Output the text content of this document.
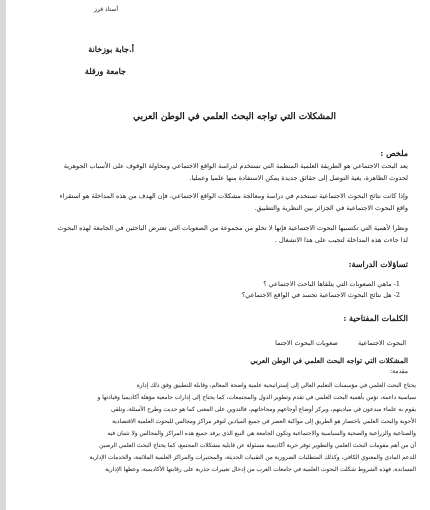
أستاذ قرز
أ.جابة بوزخانة
جامعة ورقلة
المشكلات التي تواجه البحث العلمي في الوطن العربي
ملخص :
يعد البحث الاجتماعي هو الطريقة العلمية المنظمة التي تستخدم لدراسة الواقع الاجتماعي ومحاولة الوقوف على الأسباب الجوهرية
لحدوث الظاهرة، بغية التوصل إلى حقائق جديدة يمكن الاستفادة منها علميا وعمليا.
وإذا كانت نتائج البحوث الاجتماعية تستخدم في دراسة ومعالجة مشكلات الواقع الاجتماعي، فإن الهدف من هذه المداخلة هو استقراء
واقع البحوث الاجتماعية في الجزائر بين النظرية والتطبيق.
ونظرا لأهمية التي تكتسيها البحوث الاجتماعية فإنها لا تخلو من مجموعة من الصعوبات التي تعترض الباحثين في الجامعة لهذه البحوث
لذا جاءت هذه المداخلة لتجيب على هذا الانشغال .
تساؤلات الدراسة:
1- ماهي الصعوبات التي يتلقاها الباحث الاجتماعي ؟
2- هل نتائج البحوث الاجتماعية تجسد في الواقع الاجتماعي؟
الكلمات المفتاحية :
البحوث الاجتماعية صعوبات البحوث الاجتما
المشكلات التي تواجه البحث العلمي في الوطن العربي
مقدمة:
يحتاج البحث العلمي في مؤسسات التعليم العالي إلى إستراتيجية علمية واضحة المعالم، وقابلة للتطبيق وفق ذلك إدارة
سياسية داعمة، تؤمن بأهمية البحث العلمي في تقدم وتطوير الدول والمجتمعات، كما يحتاج إلى إدارات جامعية مؤهلة أكاديميا وقيادتها و
يقوم به علماء مبدعون في ميادينهم، ويركز أوضاع أوجاعهم ومحاجاتهم، فالتدوين على المعنى كما هو حديث وطرح الأسئلة، وتلقي
الأجوبة والبحث العلمي باختصار هو الطريق إلى مواكبة العصر في جميع الميادين لتوفر مراكز ومجالس للبحوث العلمية الاقتصادية
والصناعية والزراعية والصحية والسياسية والاجتماعية وتكون الجامعة هي النبع الذي يرفد جميع هذه المراكز والمجالس ولا تثمان فيه
أن من أهم مقومات البحث العلمي والتطوير توفر حرية أكاديمية مسئولة عن قابلية مشكلات المجتمع، كما يحتاج البحث العلمي الرصين
للدعم المادي والمعنوي الكافي، وكذلك المتطلبات الضرورية من التقنيات الحديثة، والمختبرات والمراكز العلمية الملائمة، والخدمات الإدارية
المساندة، فهذه الشروط شكلت البحوث العلمية في جامعات الغرب من إدخال تغييرات جذرية على رقابتها الأكاديمية، وعطها الإدارية
